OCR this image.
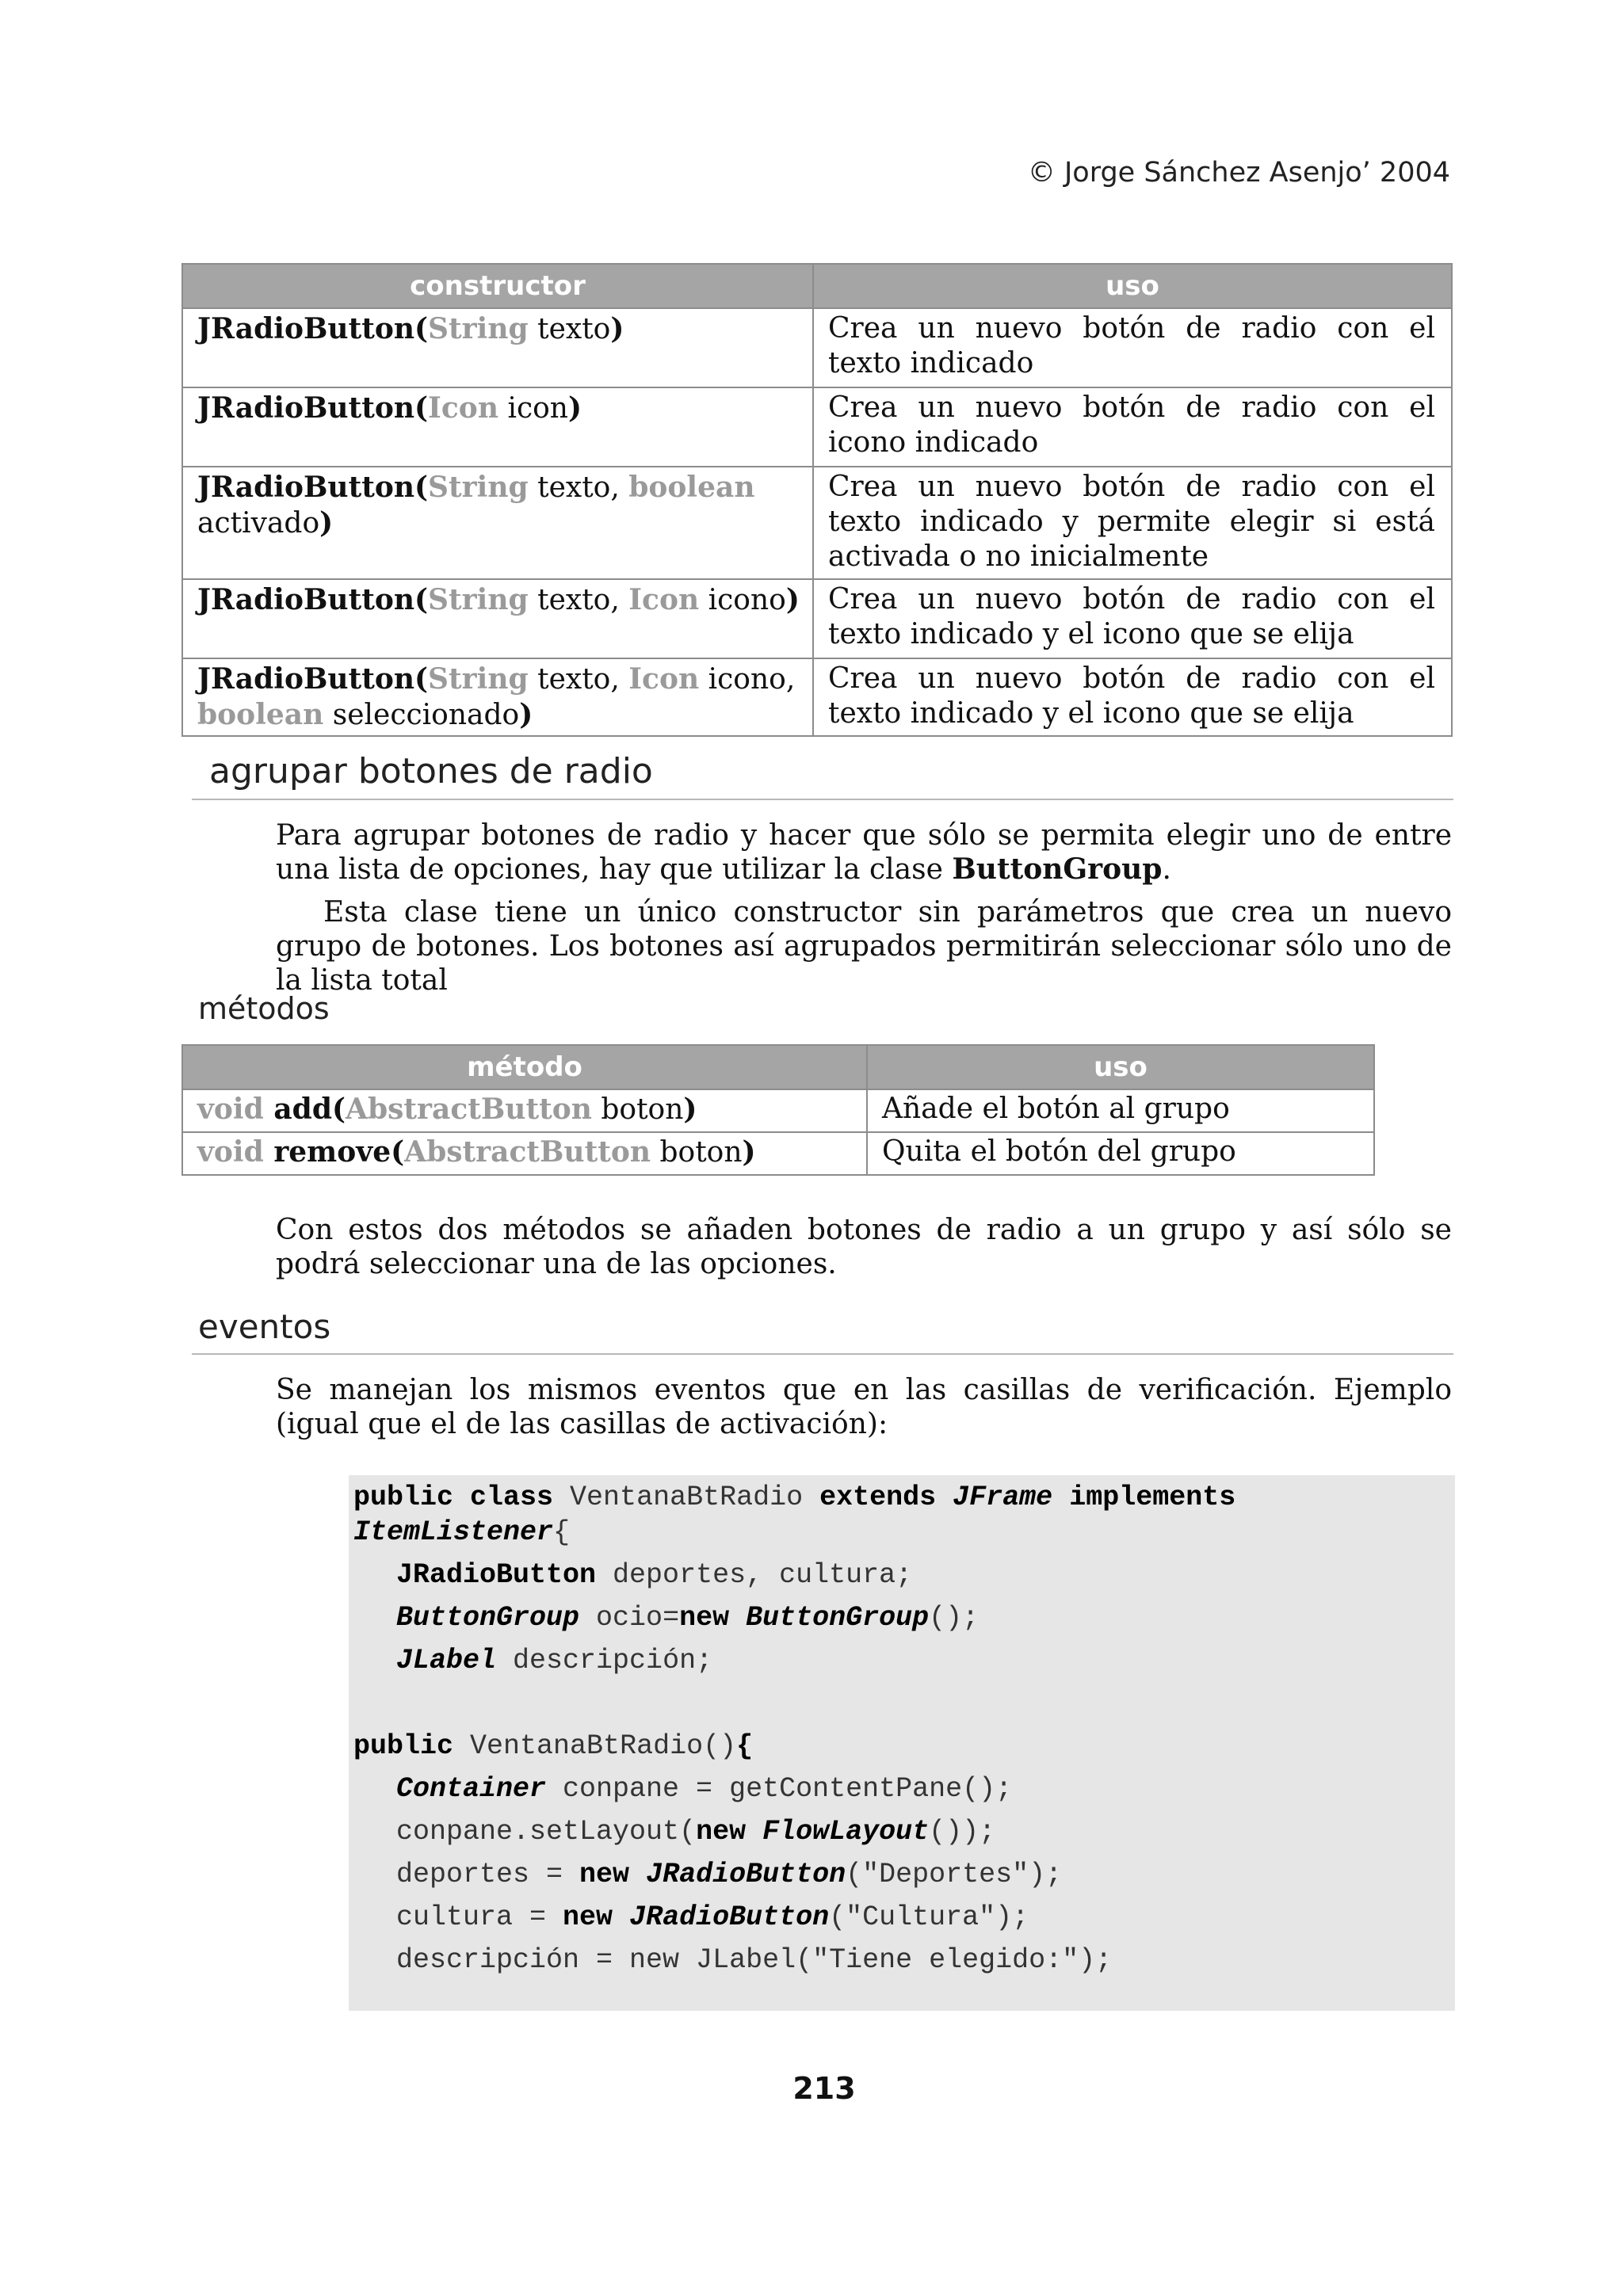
© Jorge Sánchez Asenjo’ 2004
constructor	uso
JRadioButton(String texto)	Crea un nuevo botón de radio con el texto indicado
JRadioButton(Icon icon)	Crea un nuevo botón de radio con el icono indicado
JRadioButton(String texto, boolean activado)	Crea un nuevo botón de radio con el texto indicado y permite elegir si está activada o no inicialmente
JRadioButton(String texto, Icon icono)	Crea un nuevo botón de radio con el texto indicado y el icono que se elija
JRadioButton(String texto, Icon icono, boolean seleccionado)	Crea un nuevo botón de radio con el texto indicado y el icono que se elija
agrupar botones de radio
Para agrupar botones de radio y hacer que sólo se permita elegir uno de entre una lista de opciones, hay que utilizar la clase ButtonGroup.
Esta clase tiene un único constructor sin parámetros que crea un nuevo grupo de botones. Los botones así agrupados permitirán seleccionar sólo uno de la lista total
métodos
método	uso
void add(AbstractButton boton)	Añade el botón al grupo
void remove(AbstractButton boton)	Quita el botón del grupo
Con estos dos métodos se añaden botones de radio a un grupo y así sólo se podrá seleccionar una de las opciones.
eventos
Se manejan los mismos eventos que en las casillas de verificación. Ejemplo (igual que el de las casillas de activación):
public class VentanaBtRadio extends JFrame implements
ItemListener{
JRadioButton deportes, cultura;
ButtonGroup ocio=new ButtonGroup();
JLabel descripción;
public VentanaBtRadio(){
Container conpane = getContentPane();
conpane.setLayout(new FlowLayout());
deportes = new JRadioButton("Deportes");
cultura = new JRadioButton("Cultura");
descripción = new JLabel("Tiene elegido:");
213
